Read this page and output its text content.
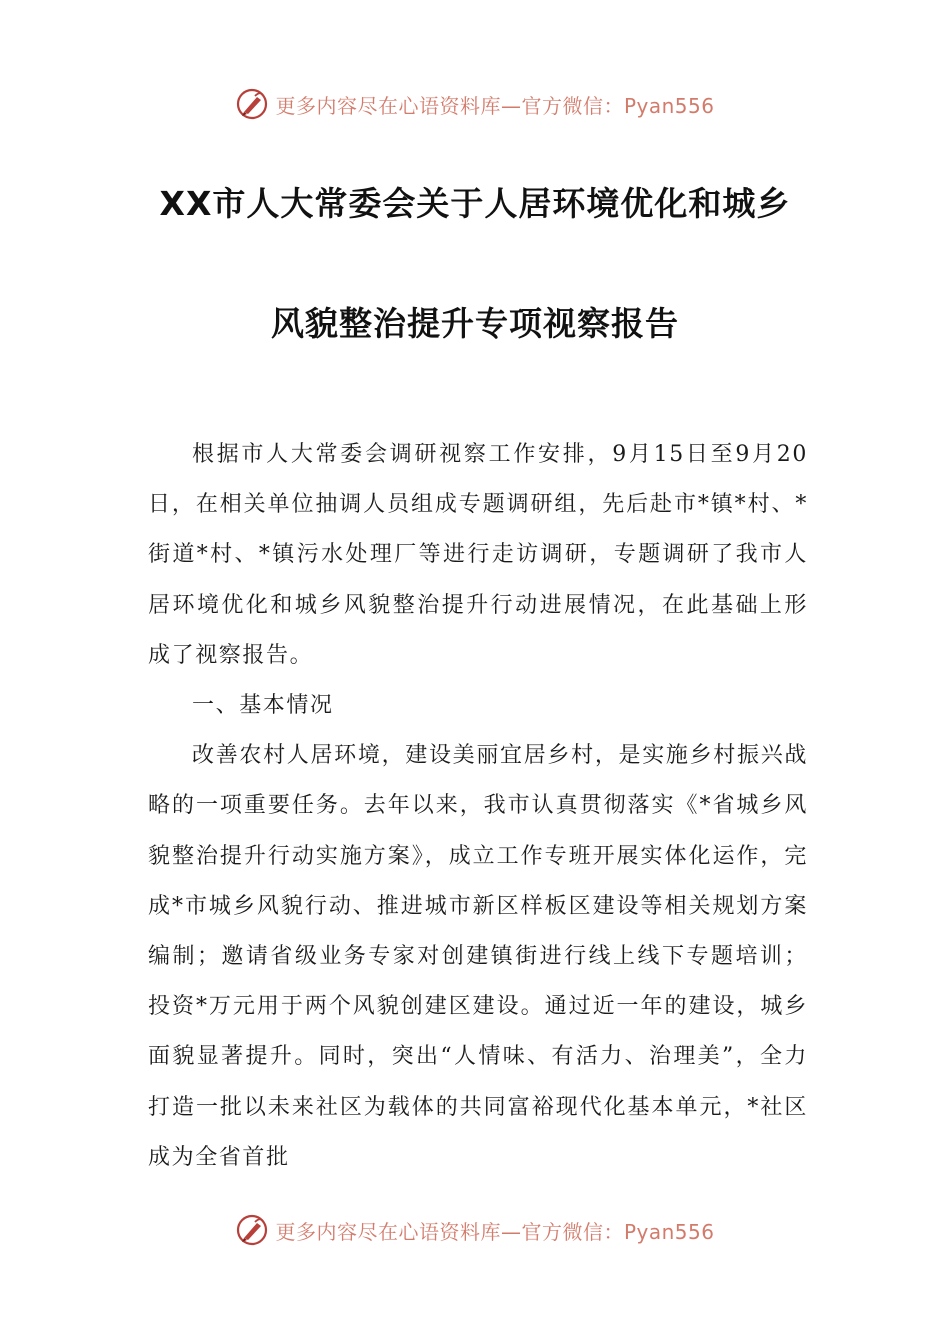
更多内容尽在心语资料库—官方微信：Pyan556
XX市人大常委会关于人居环境优化和城乡
风貌整治提升专项视察报告

根据市人大常委会调研视察工作安排，9月15日至9月20日，在相关单位抽调人员组成专题调研组，先后赴市*镇*村、*街道*村、*镇污水处理厂等进行走访调研，专题调研了我市人居环境优化和城乡风貌整治提升行动进展情况，在此基础上形成了视察报告。

一、基本情况

改善农村人居环境，建设美丽宜居乡村，是实施乡村振兴战略的一项重要任务。去年以来，我市认真贯彻落实《*省城乡风貌整治提升行动实施方案》，成立工作专班开展实体化运作，完成*市城乡风貌行动、推进城市新区样板区建设等相关规划方案编制；邀请省级业务专家对创建镇街进行线上线下专题培训；投资*万元用于两个风貌创建区建设。通过近一年的建设，城乡面貌显著提升。同时，突出“人情味、有活力、治理美”，全力打造一批以未来社区为载体的共同富裕现代化基本单元，*社区成为全省首批

更多内容尽在心语资料库—官方微信：Pyan556
